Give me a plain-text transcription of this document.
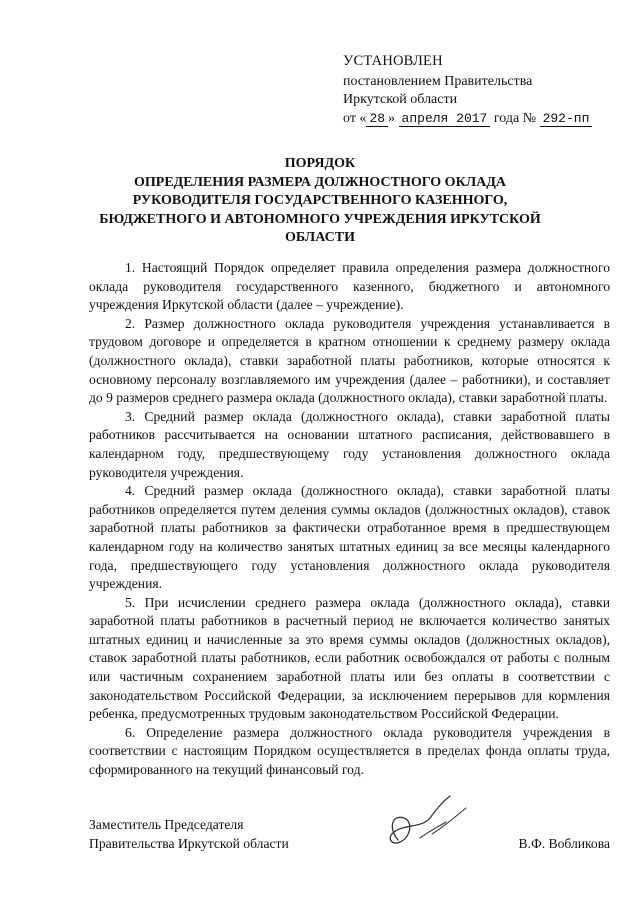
УСТАНОВЛЕН
постановлением Правительства
Иркутской области
от « 28 » апреля 2017 года № 292-пп
ПОРЯДОК
ОПРЕДЕЛЕНИЯ РАЗМЕРА ДОЛЖНОСТНОГО ОКЛАДА
РУКОВОДИТЕЛЯ ГОСУДАРСТВЕННОГО КАЗЕННОГО,
БЮДЖЕТНОГО И АВТОНОМНОГО УЧРЕЖДЕНИЯ ИРКУТСКОЙ
ОБЛАСТИ

1. Настоящий Порядок определяет правила определения размера должностного оклада руководителя государственного казенного, бюджетного и автономного учреждения Иркутской области (далее – учреждение).

2. Размер должностного оклада руководителя учреждения устанавливается в трудовом договоре и определяется в кратном отношении к среднему размеру оклада (должностного оклада), ставки заработной платы работников, которые относятся к основному персоналу возглавляемого им учреждения (далее – работники), и составляет до 9 размеров среднего размера оклада (должностного оклада), ставки заработной платы.

3. Средний размер оклада (должностного оклада), ставки заработной платы работников рассчитывается на основании штатного расписания, действовавшего в календарном году, предшествующему году установления должностного оклада руководителя учреждения.

4. Средний размер оклада (должностного оклада), ставки заработной платы работников определяется путем деления суммы окладов (должностных окладов), ставок заработной платы работников за фактически отработанное время в предшествующем календарном году на количество занятых штатных единиц за все месяцы календарного года, предшествующего году установления должностного оклада руководителя учреждения.

5. При исчислении среднего размера оклада (должностного оклада), ставки заработной платы работников в расчетный период не включается количество занятых штатных единиц и начисленные за это время суммы окладов (должностных окладов), ставок заработной платы работников, если работник освобождался от работы с полным или частичным сохранением заработной платы или без оплаты в соответствии с законодательством Российской Федерации, за исключением перерывов для кормления ребенка, предусмотренных трудовым законодательством Российской Федерации.

6. Определение размера должностного оклада руководителя учреждения в соответствии с настоящим Порядком осуществляется в пределах фонда оплаты труда, сформированного на текущий финансовый год.

Заместитель Председателя
Правительства Иркутской области	В.Ф. Вобликова
